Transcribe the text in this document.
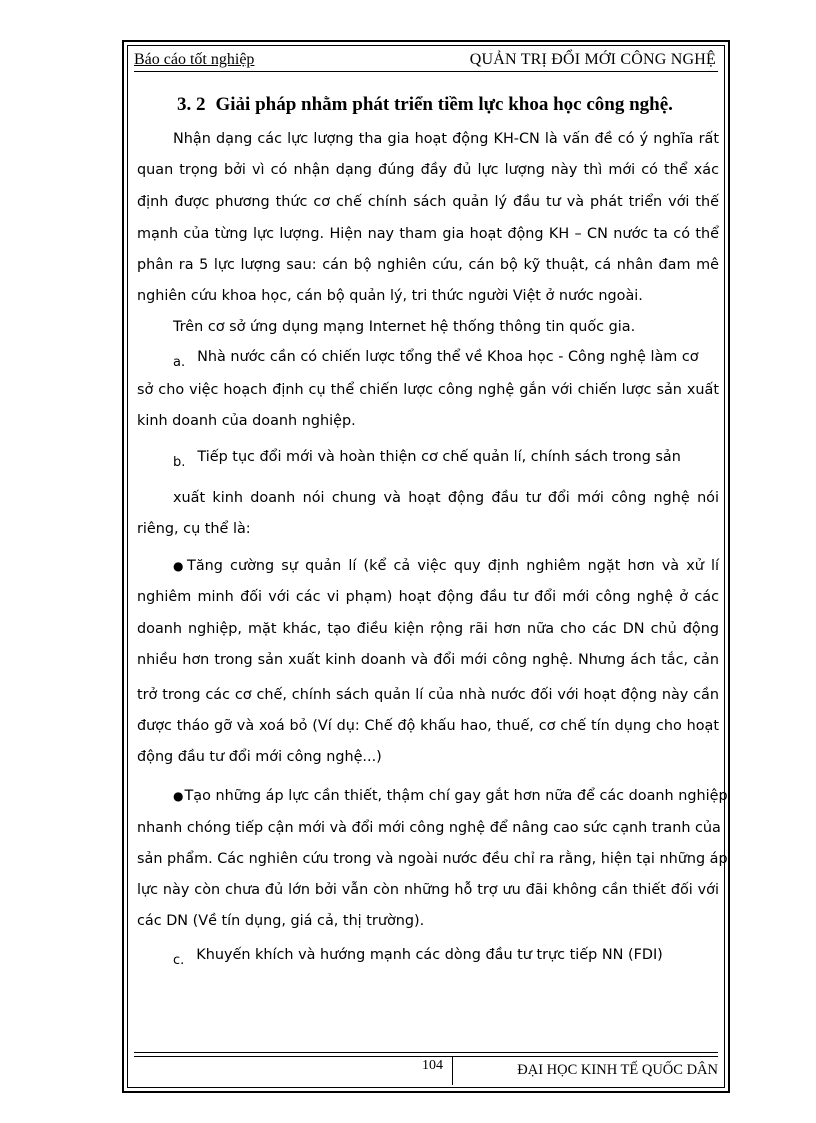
Báo cáo tốt nghiệp	QUẢN TRỊ ĐỔI MỚI CÔNG NGHỆ
3. 2 Giải pháp nhằm phát triển tiềm lực khoa học công nghệ.
Nhận dạng các lực lượng tha gia hoạt động KH-CN là vấn đề có ý nghĩa rất
quan trọng bởi vì có nhận dạng đúng đầy đủ lực lượng này thì mới có thể xác
định được phương thức cơ chế chính sách quản lý đầu tư và phát triển với thế
mạnh của từng lực lượng. Hiện nay tham gia hoạt động KH – CN nước ta có thể
phân ra 5 lực lượng sau: cán bộ nghiên cứu, cán bộ kỹ thuật, cá nhân đam mê
nghiên cứu khoa học, cán bộ quản lý, tri thức người Việt ở nước ngoài.
Trên cơ sở ứng dụng mạng Internet hệ thống thông tin quốc gia.
a. Nhà nước cần có chiến lược tổng thể về Khoa học - Công nghệ làm cơ
sở cho việc hoạch định cụ thể chiến lược công nghệ gắn với chiến lược sản xuất
kinh doanh của doanh nghiệp.
b. Tiếp tục đổi mới và hoàn thiện cơ chế quản lí, chính sách trong sản
xuất kinh doanh nói chung và hoạt động đầu tư đổi mới công nghệ nói
riêng, cụ thể là:
●Tăng cường sự quản lí (kể cả việc quy định nghiêm ngặt hơn và xử lí
nghiêm minh đối với các vi phạm) hoạt động đầu tư đổi mới công nghệ ở các
doanh nghiệp, mặt khác, tạo điều kiện rộng rãi hơn nữa cho các DN chủ động
nhiều hơn trong sản xuất kinh doanh và đổi mới công nghệ. Nhưng ách tắc, cản
trở trong các cơ chế, chính sách quản lí của nhà nước đối với hoạt động này cần
được tháo gỡ và xoá bỏ (Ví dụ: Chế độ khấu hao, thuế, cơ chế tín dụng cho hoạt
động đầu tư đổi mới công nghệ...)
●Tạo những áp lực cần thiết, thậm chí gay gắt hơn nữa để các doanh nghiệp
nhanh chóng tiếp cận mới và đổi mới công nghệ để nâng cao sức cạnh tranh của
sản phẩm. Các nghiên cứu trong và ngoài nước đều chỉ ra rằng, hiện tại những áp
lực này còn chưa đủ lớn bởi vẫn còn những hỗ trợ ưu đãi không cần thiết đối với
các DN (Về tín dụng, giá cả, thị trường).
c. Khuyến khích và hướng mạnh các dòng đầu tư trực tiếp NN (FDI)
104	ĐẠI HỌC KINH TẾ QUỐC DÂN
